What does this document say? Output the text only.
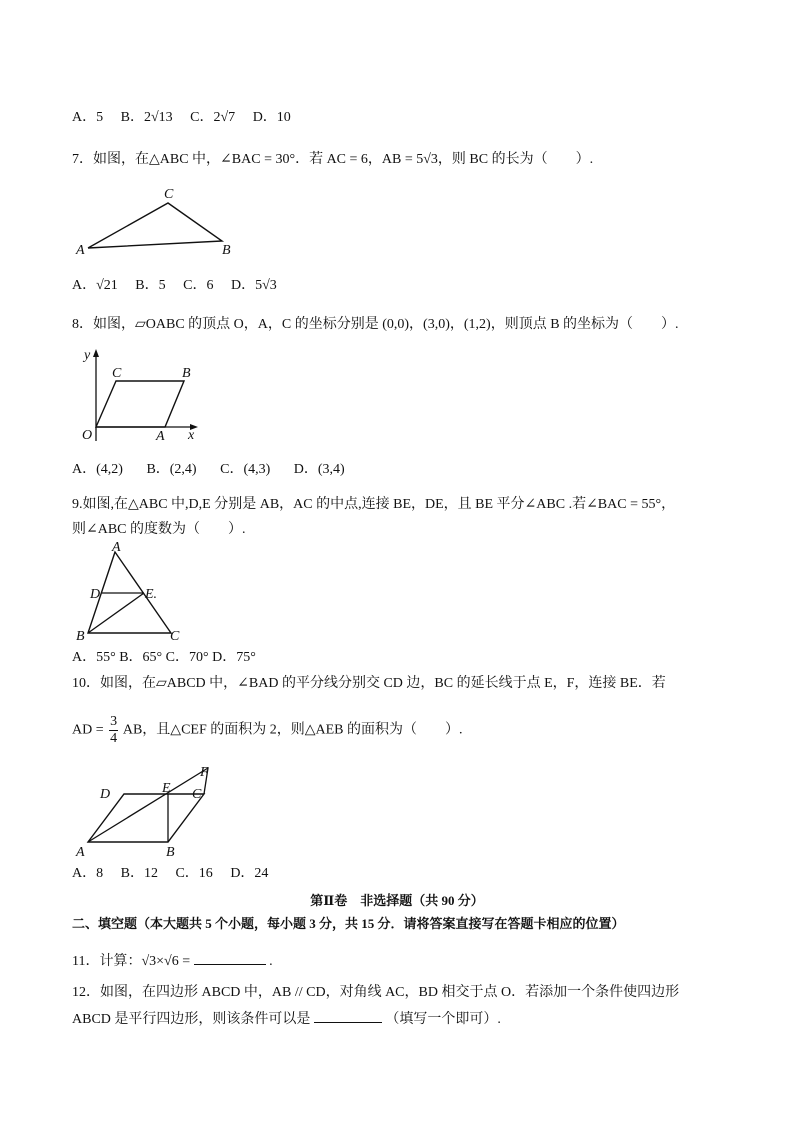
A．5 B．2√13 C．2√7 D．10
7．如图，在△ABC 中，∠BAC = 30°．若 AC = 6，AB = 5√3，则 BC 的长为（　　）.
A	B
C
A．√21 B．5 C．6 D．5√3
8．如图，▱OABC 的顶点 O，A，C 的坐标分别是 (0,0)，(3,0)，(1,2)，则顶点 B 的坐标为（　　）.
O	A
B
C
x
y
A．(4,2) B．(2,4) C．(4,3) D．(3,4)
9.如图,在△ABC 中,D,E 分别是 AB，AC 的中点,连接 BE，DE，且 BE 平分∠ABC .若∠BAC = 55°，
则∠ABC 的度数为（　　）.
A
B	C
D	E.
A．55° B．65° C．70° D．75°
10．如图，在▱ABCD 中，∠BAD 的平分线分别交 CD 边，BC 的延长线于点 E，F，连接 BE．若
AD = $\frac{3}{4}$ AB，且△CEF 的面积为 2，则△AEB 的面积为（　　）.
A	B
C
D	E
F
A．8 B．12 C．16 D．24
第Ⅱ卷　非选择题（共 90 分）
二、填空题（本大题共 5 个小题，每小题 3 分，共 15 分．请将答案直接写在答题卡相应的位置）
11．计算：√3×√6 =	.
12．如图，在四边形 ABCD 中，AB // CD，对角线 AC，BD 相交于点 O．若添加一个条件使四边形
ABCD 是平行四边形，则该条件可以是	（填写一个即可）.
